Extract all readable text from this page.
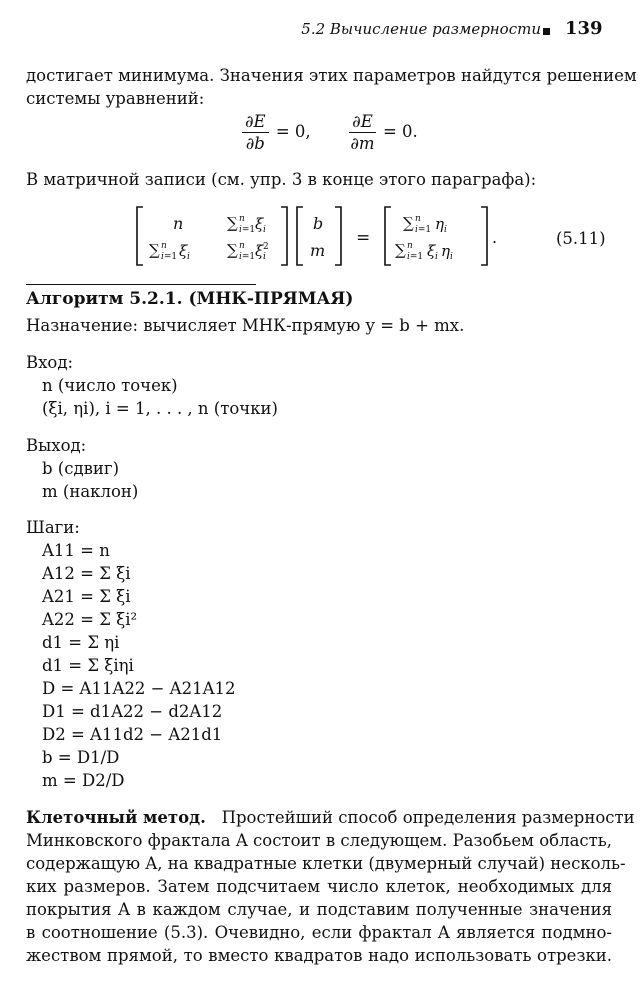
5.2 Вычисление размерности 139
достигает минимума. Значения этих параметров найдутся решением
системы уравнений:
$\frac{\partial E}{\partial b} = 0$, $\frac{\partial E}{\partial m} = 0$.
В матричной записи (см. упр. 3 в конце этого параграфа):
n	∑ n
i=1 ξ i
∑ n
i=1 ξ i ∑ n
i=1 ξ 2
i
b
m
=
∑ n
i=1 η i
∑ n
i=1 ξ i η i
.	(5.11)
Алгоритм 5.2.1. (МНК-ПРЯМАЯ)
Назначение: вычисляет МНК-прямую y = b + mx.
Вход:
n (число точек)
(ξi, ηi), i = 1, . . . , n (точки)
Выход:
b (сдвиг)
m (наклон)
Шаги:
A11 = n
A12 = Σ ξi
A21 = Σ ξi
A22 = Σ ξi²
d1 = Σ ηi
d1 = Σ ξiηi
D = A11A22 − A21A12
D1 = d1A22 − d2A12
D2 = A11d2 − A21d1
b = D1/D
m = D2/D
Клеточный метод. Простейший способ определения размерности
Минковского фрактала A состоит в следующем. Разобьем область,
содержащую A, на квадратные клетки (двумерный случай) несколь-
ких размеров. Затем подсчитаем число клеток, необходимых для
покрытия A в каждом случае, и подставим полученные значения
в соотношение (5.3). Очевидно, если фрактал A является подмно-
жеством прямой, то вместо квадратов надо использовать отрезки.
